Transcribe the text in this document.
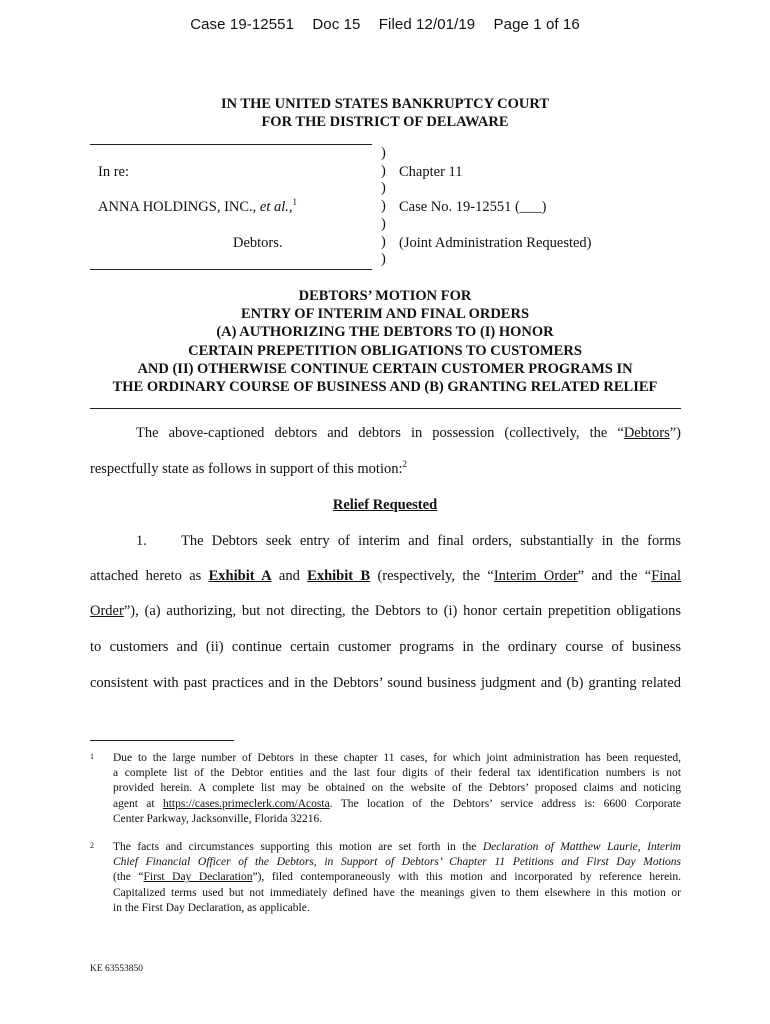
Case 19-12551 Doc 15 Filed 12/01/19 Page 1 of 16
IN THE UNITED STATES BANKRUPTCY COURT
FOR THE DISTRICT OF DELAWARE
)
)
)
)
)
)
)
In re:
ANNA HOLDINGS, INC., et al.,$^1$
Debtors.
Chapter 11
Case No. 19-12551 (___)
(Joint Administration Requested)
DEBTORS’ MOTION FOR
ENTRY OF INTERIM AND FINAL ORDERS
(A) AUTHORIZING THE DEBTORS TO (I) HONOR
CERTAIN PREPETITION OBLIGATIONS TO CUSTOMERS
AND (II) OTHERWISE CONTINUE CERTAIN CUSTOMER PROGRAMS IN
THE ORDINARY COURSE OF BUSINESS AND (B) GRANTING RELATED RELIEF
The above-captioned debtors and debtors in possession (collectively, the “Debtors”)
respectfully state as follows in support of this motion:$^2$
Relief Requested
1.	The Debtors seek entry of interim and final orders, substantially in the forms
attached hereto as Exhibit A and Exhibit B (respectively, the “Interim Order” and the “Final
Order”), (a) authorizing, but not directing, the Debtors to (i) honor certain prepetition obligations
to customers and (ii) continue certain customer programs in the ordinary course of business
consistent with past practices and in the Debtors’ sound business judgment and (b) granting related
1 Due to the large number of Debtors in these chapter 11 cases, for which joint administration has been requested,
a complete list of the Debtor entities and the last four digits of their federal tax identification numbers is not
provided herein. A complete list may be obtained on the website of the Debtors’ proposed claims and noticing
agent at https://cases.primeclerk.com/Acosta. The location of the Debtors’ service address is: 6600 Corporate
Center Parkway, Jacksonville, Florida 32216.
2 The facts and circumstances supporting this motion are set forth in the Declaration of Matthew Laurie, Interim
Chief Financial Officer of the Debtors, in Support of Debtors’ Chapter 11 Petitions and First Day Motions
(the “First Day Declaration”), filed contemporaneously with this motion and incorporated by reference herein.
Capitalized terms used but not immediately defined have the meanings given to them elsewhere in this motion or
in the First Day Declaration, as applicable.
KE 63553850
